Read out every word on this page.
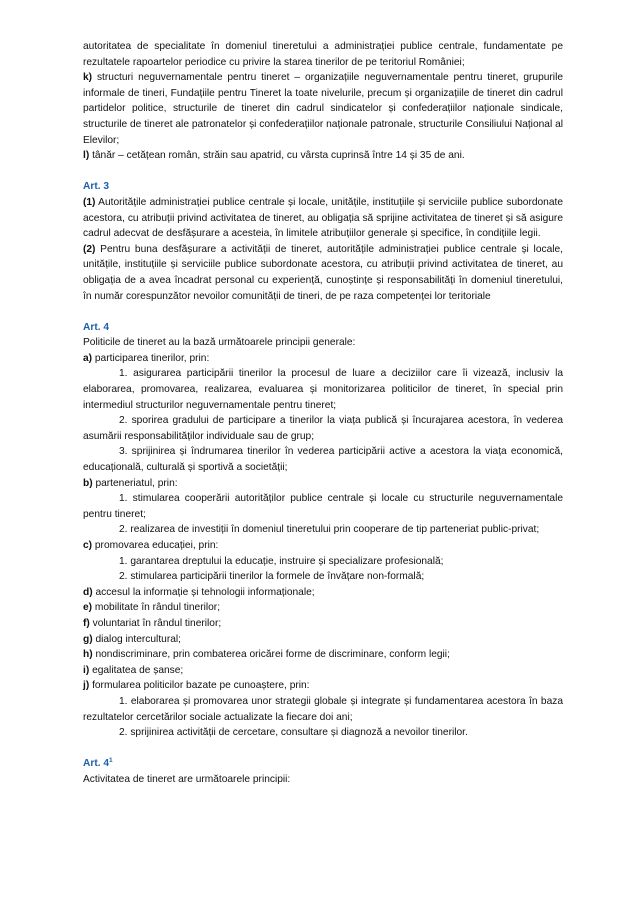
autoritatea de specialitate în domeniul tineretului a administrației publice centrale, fundamentate pe rezultatele rapoartelor periodice cu privire la starea tinerilor de pe teritoriul României;

k) structuri neguvernamentale pentru tineret – organizațiile neguvernamentale pentru tineret, grupurile informale de tineri, Fundațiile pentru Tineret la toate nivelurile, precum și organizațiile de tineret din cadrul partidelor politice, structurile de tineret din cadrul sindicatelor și confederațiilor naționale sindicale, structurile de tineret ale patronatelor și confederațiilor naționale patronale, structurile Consiliului Național al Elevilor;

l) tânăr – cetățean român, străin sau apatrid, cu vârsta cuprinsă între 14 și 35 de ani.

Art. 3

(1) Autoritățile administrației publice centrale și locale, unitățile, instituțiile și serviciile publice subordonate acestora, cu atribuții privind activitatea de tineret, au obligația să sprijine activitatea de tineret și să asigure cadrul adecvat de desfășurare a acesteia, în limitele atribuțiilor generale și specifice, în condițiile legii.

(2) Pentru buna desfășurare a activității de tineret, autoritățile administrației publice centrale și locale, unitățile, instituțiile și serviciile publice subordonate acestora, cu atribuții privind activitatea de tineret, au obligația de a avea încadrat personal cu experiență, cunoștințe și responsabilități în domeniul tineretului, în număr corespunzător nevoilor comunității de tineri, de pe raza competenței lor teritoriale

Art. 4

Politicile de tineret au la bază următoarele principii generale:

a) participarea tinerilor, prin:

1. asigurarea participării tinerilor la procesul de luare a deciziilor care îi vizează, inclusiv la elaborarea, promovarea, realizarea, evaluarea și monitorizarea politicilor de tineret, în special prin intermediul structurilor neguvernamentale pentru tineret;

2. sporirea gradului de participare a tinerilor la viața publică și încurajarea acestora, în vederea asumării responsabilităților individuale sau de grup;

3. sprijinirea și îndrumarea tinerilor în vederea participării active a acestora la viața economică, educațională, culturală și sportivă a societății;

b) parteneriatul, prin:

1. stimularea cooperării autorităților publice centrale și locale cu structurile neguvernamentale pentru tineret;

2. realizarea de investiții în domeniul tineretului prin cooperare de tip parteneriat public-privat;

c) promovarea educației, prin:

1. garantarea dreptului la educație, instruire și specializare profesională;

2. stimularea participării tinerilor la formele de învățare non-formală;

d) accesul la informație și tehnologii informaționale;

e) mobilitate în rândul tinerilor;

f) voluntariat în rândul tinerilor;

g) dialog intercultural;

h) nondiscriminare, prin combaterea oricărei forme de discriminare, conform legii;

i) egalitatea de șanse;

j) formularea politicilor bazate pe cunoaștere, prin:

1. elaborarea și promovarea unor strategii globale și integrate și fundamentarea acestora în baza rezultatelor cercetărilor sociale actualizate la fiecare doi ani;

2. sprijinirea activității de cercetare, consultare și diagnoză a nevoilor tinerilor.

Art. $4^1$

Activitatea de tineret are următoarele principii:
